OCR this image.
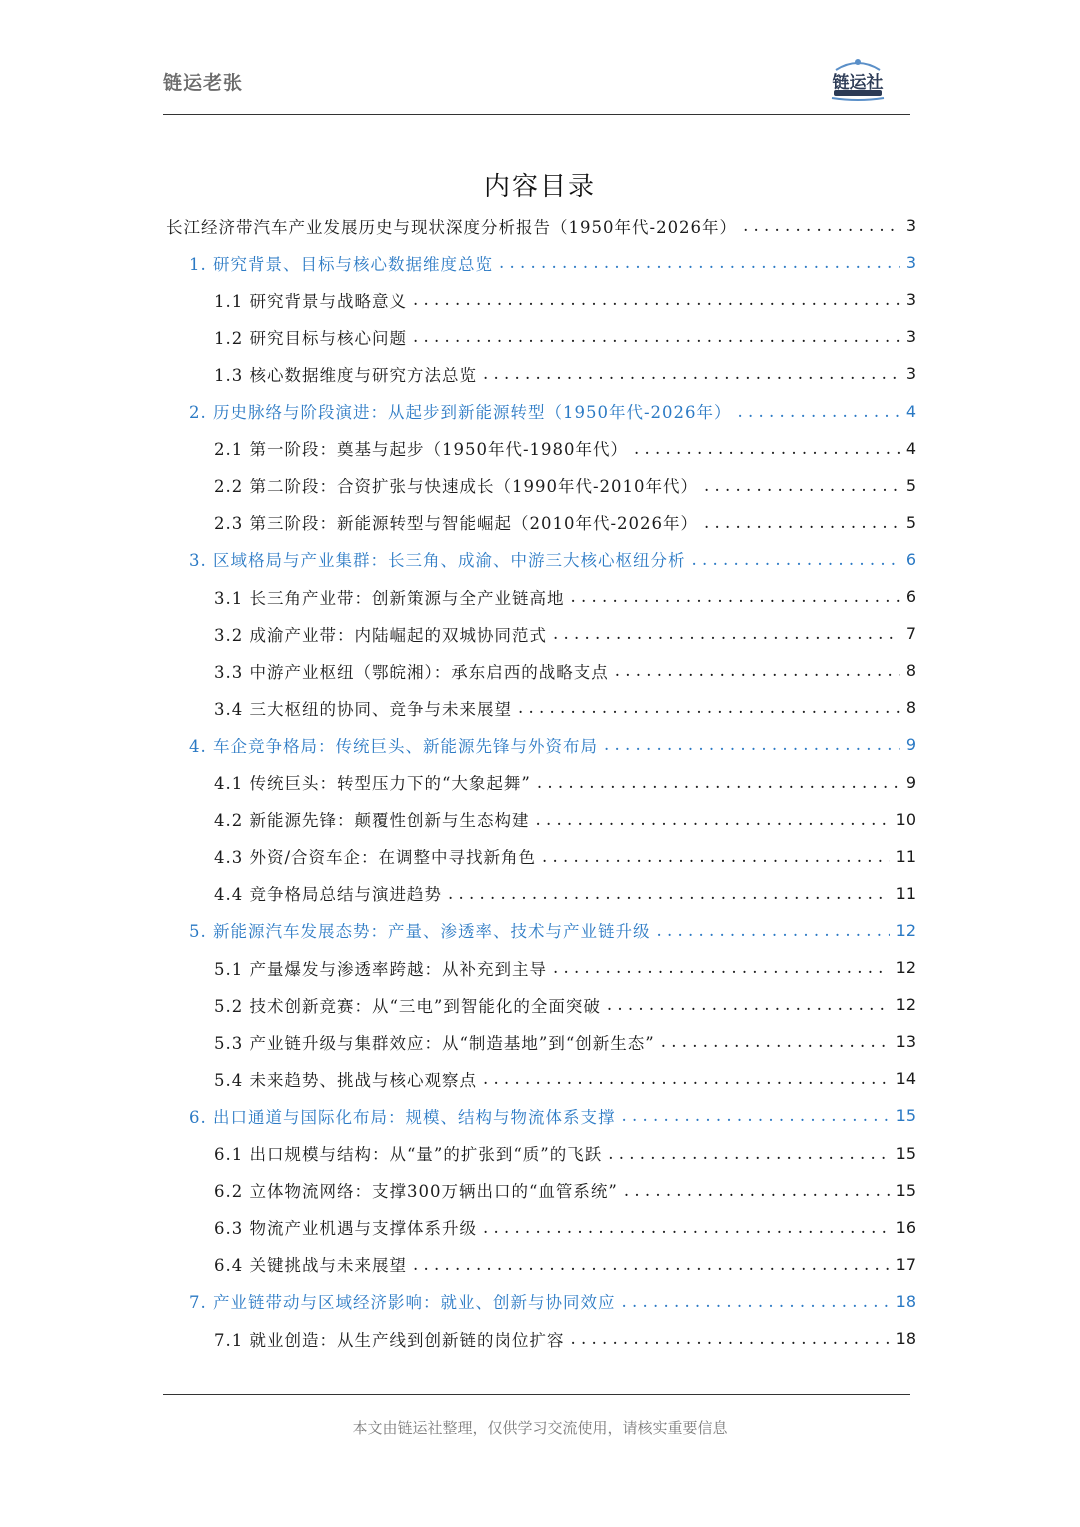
链运老张	链运社
内容目录
长江经济带汽车产业发展历史与现状深度分析报告（1950年代-2026年） . . .	3
1. 研究背景、目标与核心数据维度总览 . . .	3
1.1 研究背景与战略意义 . . .	3
1.2 研究目标与核心问题 . . .	3
1.3 核心数据维度与研究方法总览 . . .	3
2. 历史脉络与阶段演进：从起步到新能源转型（1950年代-2026年） . . .	4
2.1 第一阶段：奠基与起步（1950年代-1980年代） . . .	4
2.2 第二阶段：合资扩张与快速成长（1990年代-2010年代） . . .	5
2.3 第三阶段：新能源转型与智能崛起（2010年代-2026年） . . .	5
3. 区域格局与产业集群：长三角、成渝、中游三大核心枢纽分析 . . .	6
3.1 长三角产业带：创新策源与全产业链高地 . . .	6
3.2 成渝产业带：内陆崛起的双城协同范式 . . .	7
3.3 中游产业枢纽（鄂皖湘）：承东启西的战略支点 . . .	8
3.4 三大枢纽的协同、竞争与未来展望 . . .	8
4. 车企竞争格局：传统巨头、新能源先锋与外资布局 . . .	9
4.1 传统巨头：转型压力下的“大象起舞” . . .	9
4.2 新能源先锋：颠覆性创新与生态构建 . . .	10
4.3 外资/合资车企：在调整中寻找新角色 . . .	11
4.4 竞争格局总结与演进趋势 . . .	11
5. 新能源汽车发展态势：产量、渗透率、技术与产业链升级 . . .	12
5.1 产量爆发与渗透率跨越：从补充到主导 . . .	12
5.2 技术创新竞赛：从“三电”到智能化的全面突破 . . .	12
5.3 产业链升级与集群效应：从“制造基地”到“创新生态” . . .	13
5.4 未来趋势、挑战与核心观察点 . . .	14
6. 出口通道与国际化布局：规模、结构与物流体系支撑 . . .	15
6.1 出口规模与结构：从“量”的扩张到“质”的飞跃 . . .	15
6.2 立体物流网络：支撑300万辆出口的“血管系统” . . .	15
6.3 物流产业机遇与支撑体系升级 . . .	16
6.4 关键挑战与未来展望 . . .	17
7. 产业链带动与区域经济影响：就业、创新与协同效应 . . .	18
7.1 就业创造：从生产线到创新链的岗位扩容 . . .	18
本文由链运社整理，仅供学习交流使用，请核实重要信息
